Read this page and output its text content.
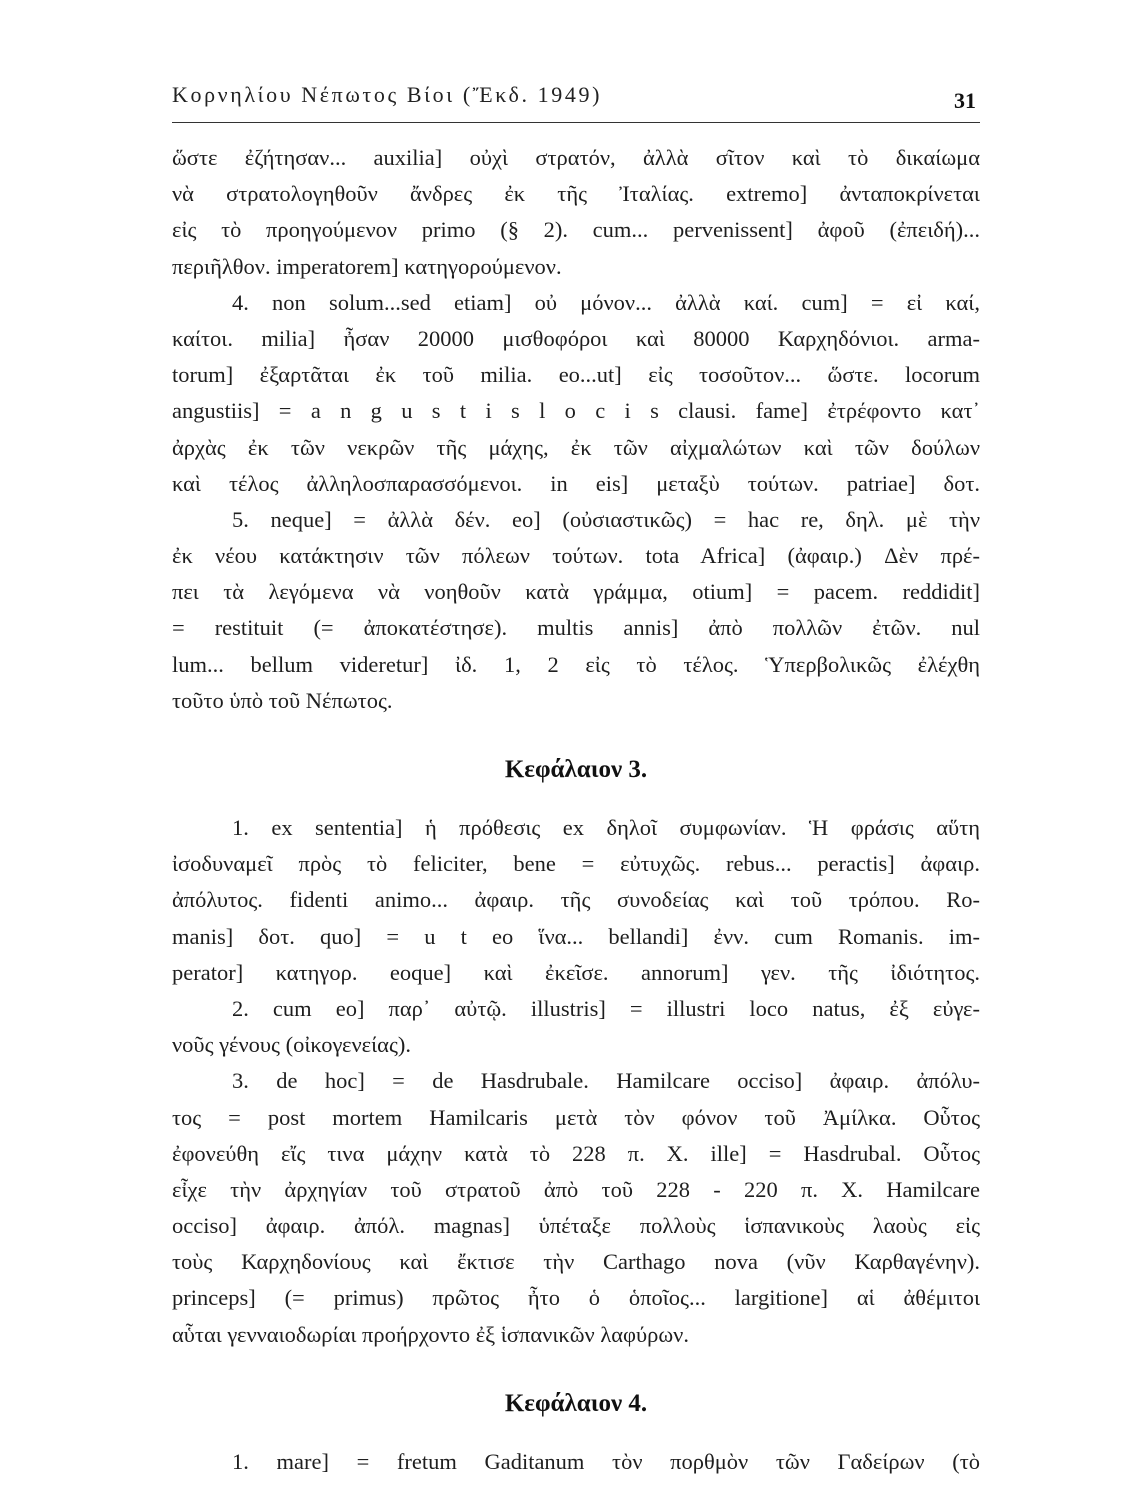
Κορνηλίου Νέπωτος Βίοι (Ἔκδ. 1949)	31
ὥστε ἐζήτησαν... auxilia] οὐχὶ στρατόν, ἀλλὰ σῖτον καὶ τὸ δικαίωμα
νὰ στρατολογηθοῦν ἄνδρες ἐκ τῆς Ἰταλίας. extremo] ἀνταποκρίνεται
εἰς τὸ προηγούμενον primo (§ 2). cum... pervenissent] ἀφοῦ (ἐπειδή)...
περιῆλθον. imperatorem] κατηγορούμενον.
4. non solum...sed etiam] οὐ μόνον... ἀλλὰ καί. cum] = εἰ καί,
καίτοι. milia] ἦσαν 20000 μισθοφόροι καὶ 80000 Καρχηδόνιοι. arma-
torum] ἐξαρτᾶται ἐκ τοῦ milia. eo...ut] εἰς τοσοῦτον... ὥστε. locorum
angustiis] = a n g u s t i s l o c i s clausi. fame] ἐτρέφοντο κατ᾽
ἀρχὰς ἐκ τῶν νεκρῶν τῆς μάχης, ἐκ τῶν αἰχμαλώτων καὶ τῶν δούλων
καὶ τέλος ἀλληλοσπαρασσόμενοι. in eis] μεταξὺ τούτων. patriae] δοτ.
5. neque] = ἀλλὰ δέν. eo] (οὐσιαστικῶς) = hac re, δηλ. μὲ τὴν
ἐκ νέου κατάκτησιν τῶν πόλεων τούτων. tota Africa] (ἀφαιρ.) Δὲν πρέ-
πει τὰ λεγόμενα νὰ νοηθοῦν κατὰ γράμμα, otium] = pacem. reddidit]
= restituit (= ἀποκατέστησε). multis annis] ἀπὸ πολλῶν ἐτῶν. nul
lum... bellum videretur] ἰδ. 1, 2 εἰς τὸ τέλος. Ὑπερβολικῶς ἐλέχθη
τοῦτο ὑπὸ τοῦ Νέπωτος.
Κεφάλαιον 3.
1. ex sententia] ἡ πρόθεσις ex δηλοῖ συμφωνίαν. Ἡ φράσις αὕτη
ἰσοδυναμεῖ πρὸς τὸ feliciter, bene = εὐτυχῶς. rebus... peractis] ἀφαιρ.
ἀπόλυτος. fidenti animo... ἀφαιρ. τῆς συνοδείας καὶ τοῦ τρόπου. Ro-
manis] δοτ. quo] = u t eo ἵνα... bellandi] ἐνν. cum Romanis. im-
perator] κατηγορ. eoque] καὶ ἐκεῖσε. annorum] γεν. τῆς ἰδιότητος.
2. cum eo] παρ᾽ αὐτῷ. illustris] = illustri loco natus, ἐξ εὐγε-
νοῦς γένους (οἰκογενείας).
3. de hoc] = de Hasdrubale. Hamilcare occiso] ἀφαιρ. ἀπόλυ-
τος = post mortem Hamilcaris μετὰ τὸν φόνον τοῦ Ἀμίλκα. Οὗτος
ἐφονεύθη εἴς τινα μάχην κατὰ τὸ 228 π. Χ. ille] = Hasdrubal. Οὗτος
εἶχε τὴν ἀρχηγίαν τοῦ στρατοῦ ἀπὸ τοῦ 228 - 220 π. Χ. Hamilcare
occiso] ἀφαιρ. ἀπόλ. magnas] ὑπέταξε πολλοὺς ἱσπανικοὺς λαοὺς εἰς
τοὺς Καρχηδονίους καὶ ἔκτισε τὴν Carthago nova (νῦν Καρθαγένην).
princeps] (= primus) πρῶτος ἦτο ὁ ὁποῖος... largitione] αἱ ἀθέμιτοι
αὗται γενναιοδωρίαι προήρχοντο ἐξ ἱσπανικῶν λαφύρων.
Κεφάλαιον 4.
1. mare] = fretum Gaditanum τὸν πορθμὸν τῶν Γαδείρων (τὸ
